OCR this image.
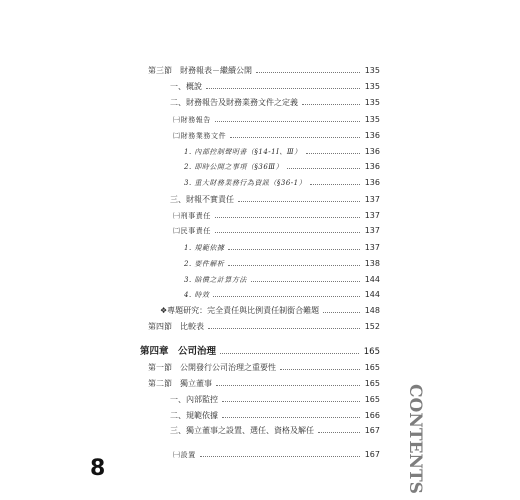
第三節　財務報表－繼續公開	135
一、概說	135
二、財務報告及財務業務文件之定義	135
㈠財務報告	135
㈡財務業務文件	136
1. 內部控制聲明書（§14-1Ⅰ、Ⅲ）	136
2. 即時公開之事項（§36Ⅲ）	136
3. 重大財務業務行為資訊（§36-1）	136
三、財報不實責任	137
㈠刑事責任	137
㈡民事責任	137
1. 規範依據	137
2. 要件解析	138
3. 賠償之計算方法	144
4. 時效	144
❖專題研究：完全責任與比例責任制銜合難題	148
第四節　比較表	152
第四章　公司治理	165
第一節　公開發行公司治理之重要性	165
第二節　獨立董事	165
一、內部監控	165
二、規範依據	166
三、獨立董事之設置、選任、資格及解任	167
㈠設置	167
8	CONTENTS
